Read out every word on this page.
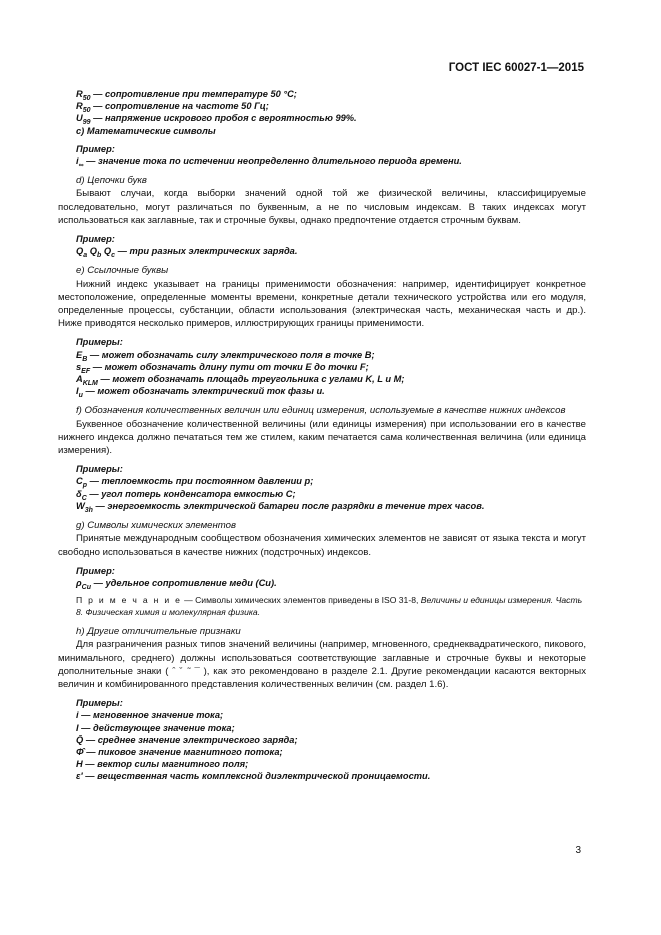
ГОСТ IEC 60027-1—2015
$R_{50}$ — сопротивление при температуре 50 °С;
$R_{50}$ — сопротивление на частоте 50 Гц;
$U_{99}$ — напряжение искрового пробоя с вероятностью 99%.
c) Математические символы
Пример:
$i_\infty$ — значение тока по истечении неопределенно длительного периода времени.
d) Цепочки букв
Бывают случаи, когда выборки значений одной той же физической величины, классифицируемые последовательно, могут различаться по буквенным, а не по числовым индексам. В таких индексах могут использоваться как заглавные, так и строчные буквы, однако предпочтение отдается строчным буквам.
Пример:
$Q_a$ $Q_b$ $Q_c$ — три разных электрических заряда.
e) Ссылочные буквы
Нижний индекс указывает на границы применимости обозначения: например, идентифицирует конкретное местоположение, определенные моменты времени, конкретные детали технического устройства или его модуля, определенные процессы, субстанции, области использования (электрическая часть, механическая часть и др.). Ниже приводятся несколько примеров, иллюстрирующих границы применимости.
Примеры:
$E_B$ — может обозначать силу электрического поля в точке B;
$s_{EF}$ — может обозначать длину пути от точки E до точки F;
$A_{KLM}$ — может обозначать площадь треугольника с углами K, L и M;
$I_u$ — может обозначать электрический ток фазы u.
f) Обозначения количественных величин или единиц измерения, используемые в качестве нижних индексов
Буквенное обозначение количественной величины (или единицы измерения) при использовании его в качестве нижнего индекса должно печататься тем же стилем, каким печатается сама количественная величина (или единица измерения).
Примеры:
$C_p$ — теплоемкость при постоянном давлении p;
$\delta_C$ — угол потерь конденсатора емкостью C;
$W_{3h}$ — энергоемкость электрической батареи после разрядки в течение трех часов.
g) Символы химических элементов
Принятые международным сообществом обозначения химических элементов не зависят от языка текста и могут свободно использоваться в качестве нижних (подстрочных) индексов.
Пример:
$\rho_{Cu}$ — удельное сопротивление меди (Cu).
П р и м е ч а н и е — Символы химических элементов приведены в ISO 31-8, Величины и единицы измерения. Часть 8. Физическая химия и молекулярная физика.
h) Другие отличительные признаки
Для разграничения разных типов значений величины (например, мгновенного, среднеквадратического, пикового, минимального, среднего) должны использоваться соответствующие заглавные и строчные буквы и некоторые дополнительные знаки ( ˆ ˇ ˜ ¯ ), как это рекомендовано в разделе 2.1. Другие рекомендации касаются векторных величин и комбинированного представления количественных величин (см. раздел 1.6).
Примеры:
i — мгновенное значение тока;
I — действующее значение тока;
Q̄ — среднее значение электрического заряда;
Φ̂ — пиковое значение магнитного потока;
H — вектор силы магнитного поля;
ε′ — вещественная часть комплексной диэлектрической проницаемости.
3
